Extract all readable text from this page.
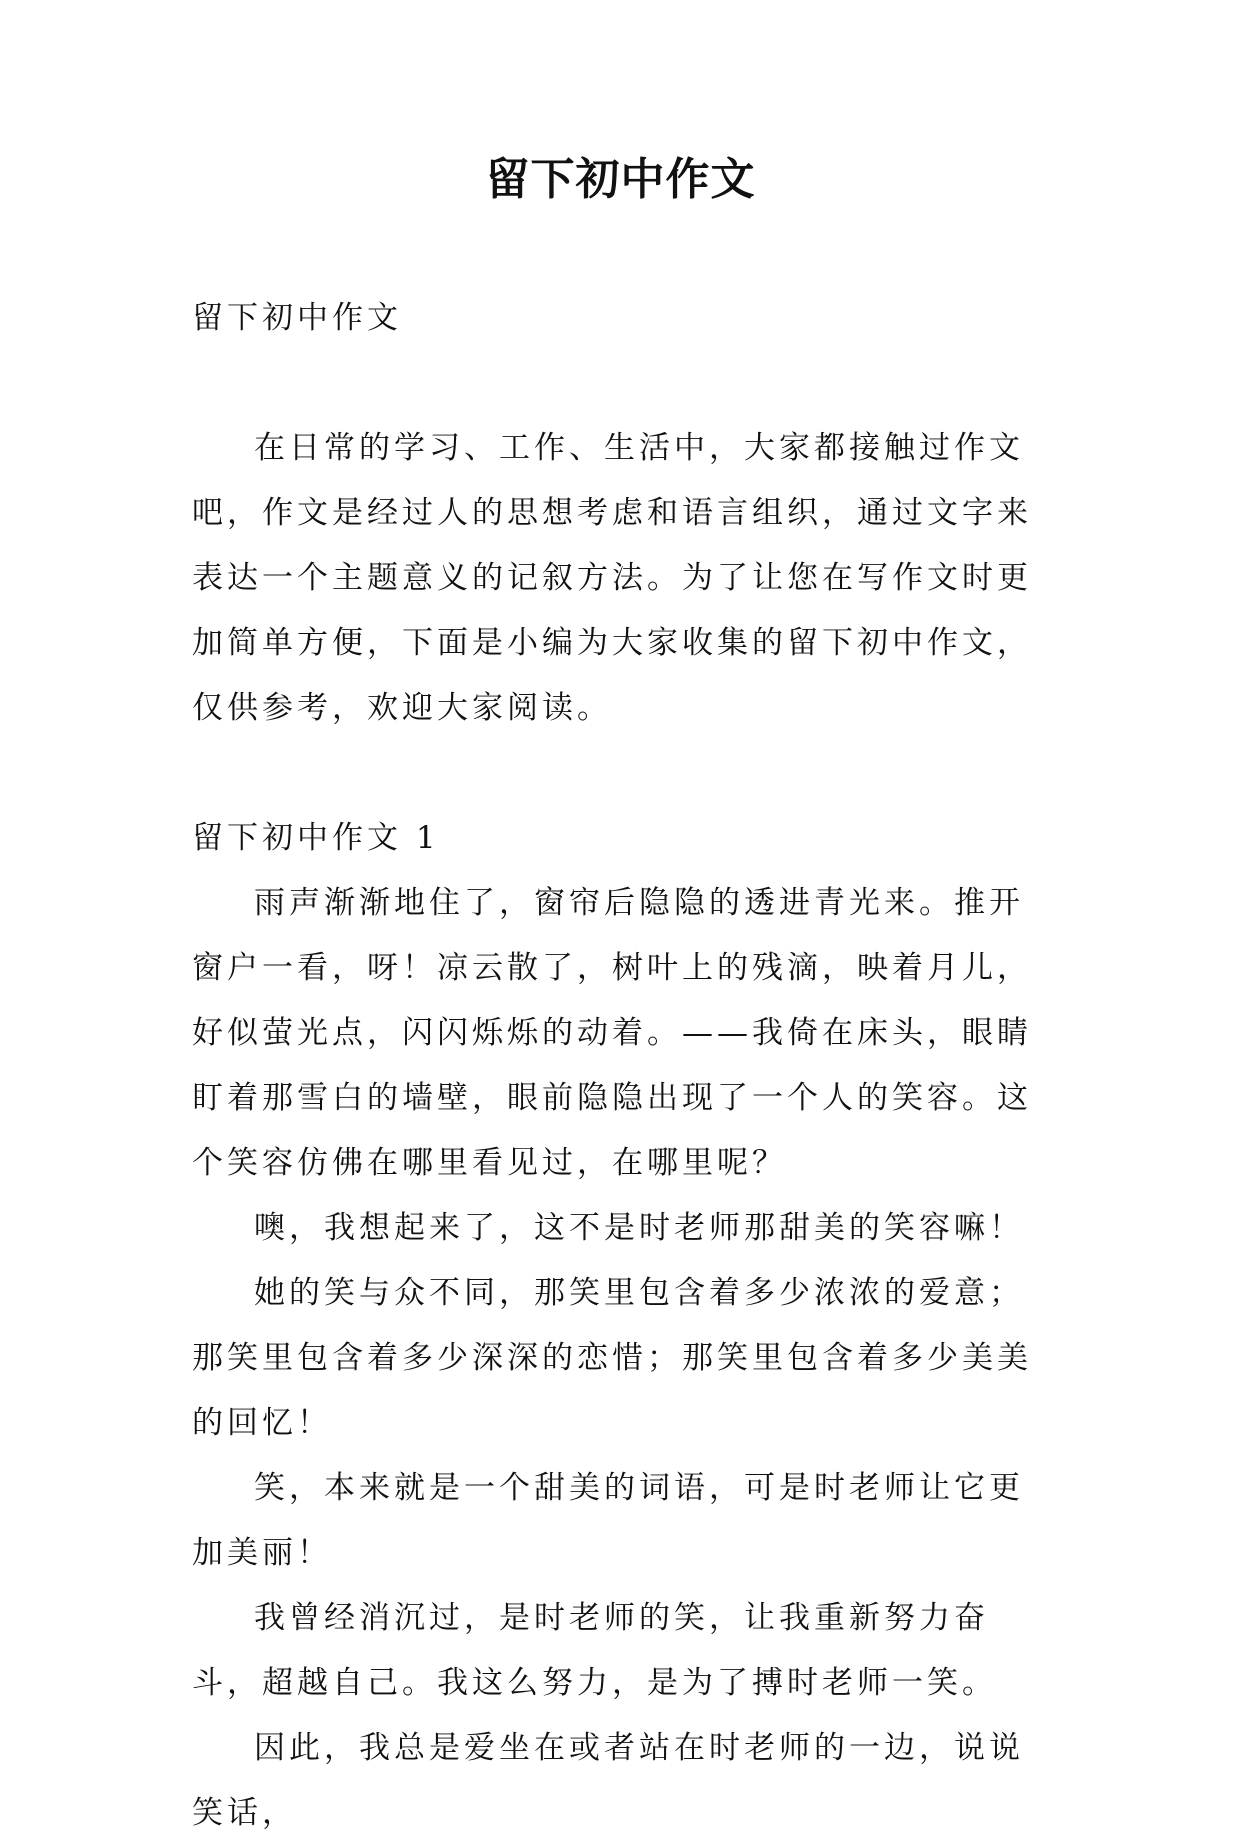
留下初中作文

留下初中作文

在日常的学习、工作、生活中，大家都接触过作文吧，作文是经过人的思想考虑和语言组织，通过文字来表达一个主题意义的记叙方法。为了让您在写作文时更加简单方便，下面是小编为大家收集的留下初中作文，仅供参考，欢迎大家阅读。

留下初中作文 1

雨声渐渐地住了，窗帘后隐隐的透进青光来。推开窗户一看，呀！凉云散了，树叶上的残滴，映着月儿，好似萤光点，闪闪烁烁的动着。——我倚在床头，眼睛盯着那雪白的墙壁，眼前隐隐出现了一个人的笑容。这个笑容仿佛在哪里看见过，在哪里呢？

噢，我想起来了，这不是时老师那甜美的笑容嘛！

她的笑与众不同，那笑里包含着多少浓浓的爱意；那笑里包含着多少深深的恋惜；那笑里包含着多少美美的回忆！

笑，本来就是一个甜美的词语，可是时老师让它更加美丽！

我曾经消沉过，是时老师的笑，让我重新努力奋斗，超越自己。我这么努力，是为了搏时老师一笑。

因此，我总是爱坐在或者站在时老师的一边，说说笑话，
